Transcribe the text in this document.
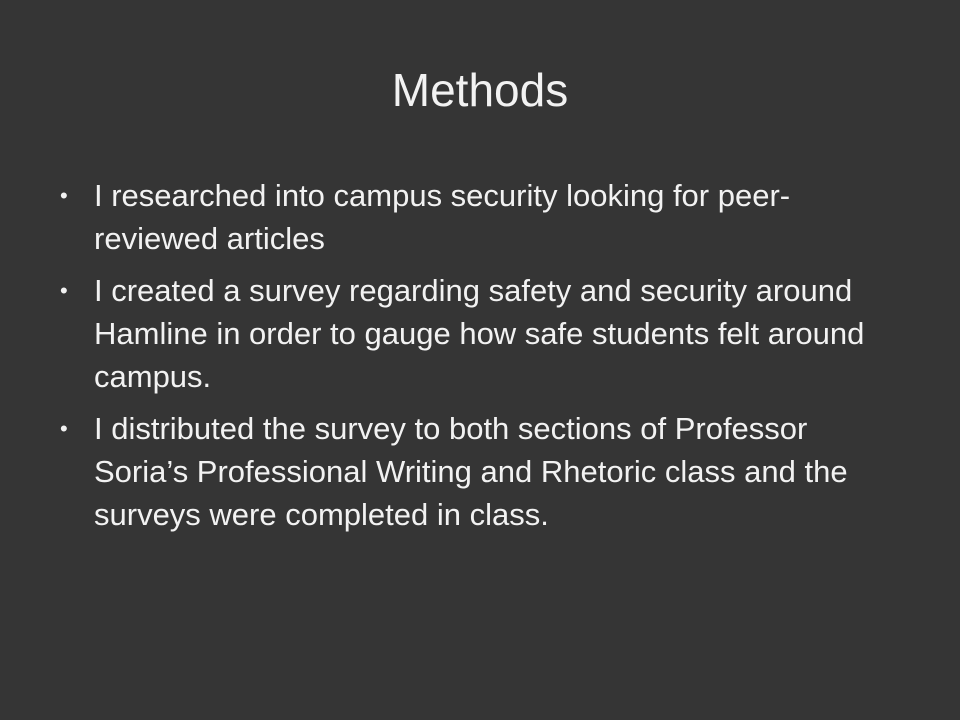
Methods
• I researched into campus security looking for peer-reviewed articles
• I created a survey regarding safety and security around Hamline in order to gauge how safe students felt around campus.
• I distributed the survey to both sections of Professor Soria’s Professional Writing and Rhetoric class and the surveys were completed in class.
